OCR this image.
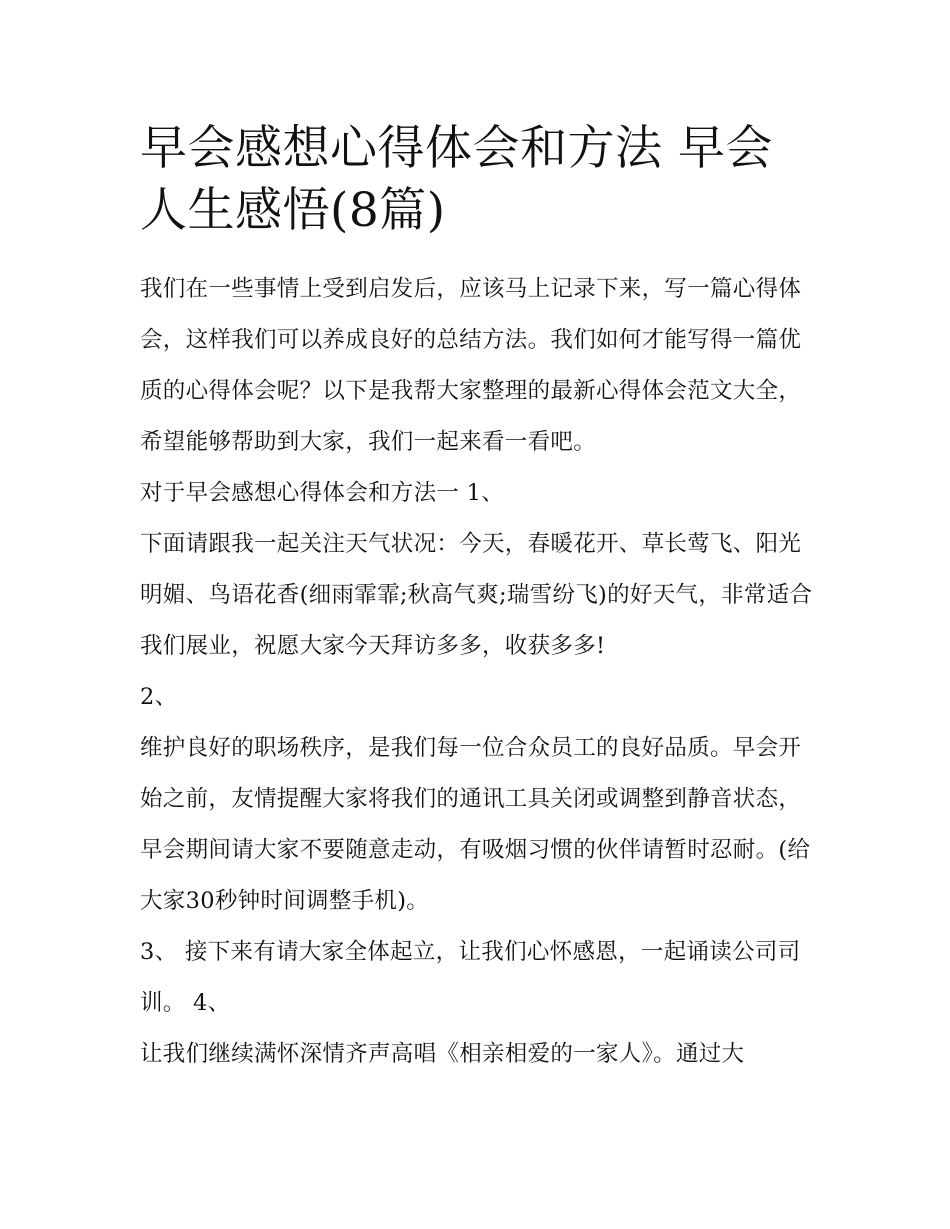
早会感想心得体会和方法 早会人生感悟(8篇)

我们在一些事情上受到启发后，应该马上记录下来，写一篇心得体会，这样我们可以养成良好的总结方法。我们如何才能写得一篇优质的心得体会呢？以下是我帮大家整理的最新心得体会范文大全，希望能够帮助到大家，我们一起来看一看吧。

对于早会感想心得体会和方法一 1、

下面请跟我一起关注天气状况：今天，春暖花开、草长莺飞、阳光明媚、鸟语花香(细雨霏霏;秋高气爽;瑞雪纷飞)的好天气，非常适合我们展业，祝愿大家今天拜访多多，收获多多!

2、

维护良好的职场秩序，是我们每一位合众员工的良好品质。早会开始之前，友情提醒大家将我们的通讯工具关闭或调整到静音状态，早会期间请大家不要随意走动，有吸烟习惯的伙伴请暂时忍耐。(给大家30秒钟时间调整手机)。

3、 接下来有请大家全体起立，让我们心怀感恩，一起诵读公司司训。 4、

让我们继续满怀深情齐声高唱《相亲相爱的一家人》。通过大
